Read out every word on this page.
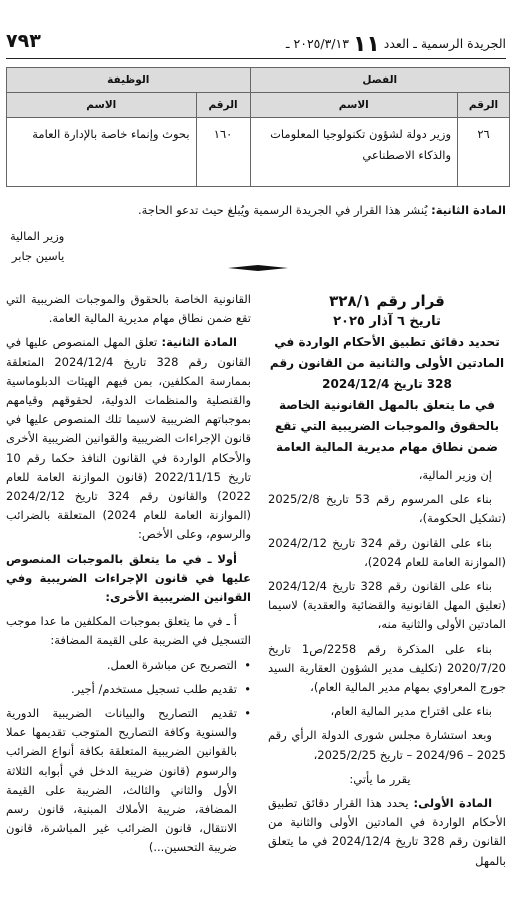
الجريدة الرسمية ـ العدد ١١ ٢٠٢٥/٣/١٣ ـ
٧٩٣
الفصل		الوظيفة	
الرقم	الاسم	الرقم	الاسم
٢٦	وزير دولة لشؤون تكنولوجيا المعلومات والذكاء الاصطناعي	١٦٠	بحوث وإنماء خاصة بالإدارة العامة
المادة الثانية: يُنشر هذا القرار في الجريدة الرسمية ويُبلغ حيث تدعو الحاجة.
وزير المالية
ياسين جابر

قرار رقم ٣٢٨/١

تاريخ ٦ آذار ٢٠٢٥

تحديد دقائق تطبيق الأحكام الواردة في المادتين الأولى والثانية من القانون رقم 328 تاريخ 2024/12/4
في ما يتعلق بالمهل القانونية الخاصة بالحقوق والموجبات الضريبية التي تقع ضمن نطاق مهام مديرية المالية العامة

إن وزير المالية،

بناء على المرسوم رقم 53 تاريخ 2025/2/8 (تشكيل الحكومة)،

بناء على القانون رقم 324 تاريخ 2024/2/12 (الموازنة العامة للعام 2024)،

بناء على القانون رقم 328 تاريخ 2024/12/4 (تعليق المهل القانونية والقضائية والعقدية) لاسيما المادتين الأولى والثانية منه،

بناء على المذكرة رقم 2258/ص1 تاريخ 2020/7/20 (تكليف مدير الشؤون العقارية السيد جورج المعراوي بمهام مدير المالية العام)،

بناء على اقتراح مدير المالية العام،

وبعد استشارة مجلس شورى الدولة الرأي رقم 2025 – 2024/96 – تاريخ 2025/2/25،

يقرر ما يأتي:

المادة الأولى: يحدد هذا القرار دقائق تطبيق الأحكام الواردة في المادتين الأولى والثانية من القانون رقم 328 تاريخ 2024/12/4 في ما يتعلق بالمهل

القانونية الخاصة بالحقوق والموجبات الضريبية التي تقع ضمن نطاق مهام مديرية المالية العامة.

المادة الثانية: تعلق المهل المنصوص عليها في القانون رقم 328 تاريخ 2024/12/4 المتعلقة بممارسة المكلفين، بمن فيهم الهيئات الدبلوماسية والقنصلية والمنظمات الدولية، لحقوقهم وقيامهم بموجباتهم الضريبية لاسيما تلك المنصوص عليها في قانون الإجراءات الضريبية والقوانين الضريبية الأخرى والأحكام الواردة في القانون النافذ حكما رقم 10 تاريخ 2022/11/15 (قانون الموازنة العامة للعام 2022) والقانون رقم 324 تاريخ 2024/2/12 (الموازنة العامة للعام 2024) المتعلقة بالضرائب والرسوم، وعلى الأخص:

أولا ـ في ما يتعلق بالموجبات المنصوص عليها في قانون الإجراءات الضريبية وفي القوانين الضريبية الأخرى:

أ ـ في ما يتعلق بموجبات المكلفين ما عدا موجب التسجيل في الضريبة على القيمة المضافة:

• التصريح عن مباشرة العمل.

• تقديم طلب تسجيل مستخدم/ أجير.

• تقديم التصاريح والبيانات الضريبية الدورية والسنوية وكافة التصاريح المتوجب تقديمها عملا بالقوانين الضريبية المتعلقة بكافة أنواع الضرائب والرسوم (قانون ضريبة الدخل في أبوابه الثلاثة الأول والثاني والثالث، الضريبة على القيمة المضافة، ضريبة الأملاك المبنية، قانون رسم الانتقال، قانون الضرائب غير المباشرة، قانون ضريبة التحسين...)
